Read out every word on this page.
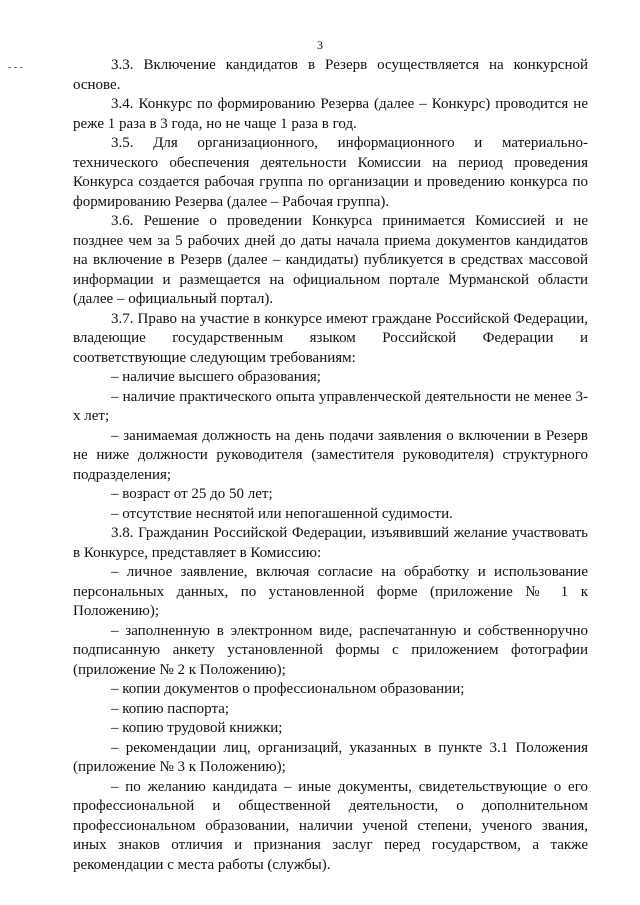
3
- - -	3.3. Включение кандидатов в Резерв осуществляется на конкурсной основе.

3.4. Конкурс по формированию Резерва (далее – Конкурс) проводится не реже 1 раза в 3 года, но не чаще 1 раза в год.

3.5. Для организационного, информационного и материально-технического обеспечения деятельности Комиссии на период проведения Конкурса создается рабочая группа по организации и проведению конкурса по формированию Резерва (далее – Рабочая группа).

3.6. Решение о проведении Конкурса принимается Комиссией и не позднее чем за 5 рабочих дней до даты начала приема документов кандидатов на включение в Резерв (далее – кандидаты) публикуется в средствах массовой информации и размещается на официальном портале Мурманской области (далее – официальный портал).

3.7. Право на участие в конкурсе имеют граждане Российской Федерации, владеющие государственным языком Российской Федерации и соответствующие следующим требованиям:

– наличие высшего образования;

– наличие практического опыта управленческой деятельности не менее 3-х лет;

– занимаемая должность на день подачи заявления о включении в Резерв не ниже должности руководителя (заместителя руководителя) структурного подразделения;

– возраст от 25 до 50 лет;

– отсутствие неснятой или непогашенной судимости.

3.8. Гражданин Российской Федерации, изъявивший желание участвовать в Конкурсе, представляет в Комиссию:

– личное заявление, включая согласие на обработку и использование персональных данных, по установленной форме (приложение № 1 к Положению);

– заполненную в электронном виде, распечатанную и собственноручно подписанную анкету установленной формы с приложением фотографии (приложение № 2 к Положению);

– копии документов о профессиональном образовании;

– копию паспорта;

– копию трудовой книжки;

– рекомендации лиц, организаций, указанных в пункте 3.1 Положения (приложение № 3 к Положению);

– по желанию кандидата – иные документы, свидетельствующие о его профессиональной и общественной деятельности, о дополнительном профессиональном образовании, наличии ученой степени, ученого звания, иных знаков отличия и признания заслуг перед государством, а также рекомендации с места работы (службы).
